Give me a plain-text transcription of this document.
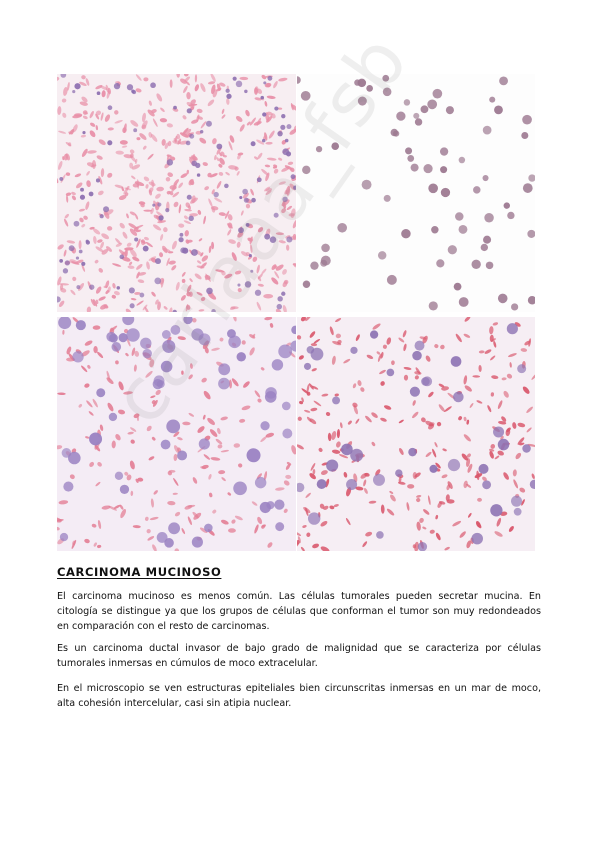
CARCINOMA MUCINOSO

El carcinoma mucinoso es menos común. Las células tumorales pueden secretar mucina. En citología se distingue ya que los grupos de células que conforman el tumor son muy redondeados en comparación con el resto de carcinomas.

Es un carcinoma ductal invasor de bajo grado de malignidad que se caracteriza por células tumorales inmersas en cúmulos de moco extracelular.

En el microscopio se ven estructuras epiteliales bien circunscritas inmersas en un mar de moco, alta cohesión intercelular, casi sin atipia nuclear.
